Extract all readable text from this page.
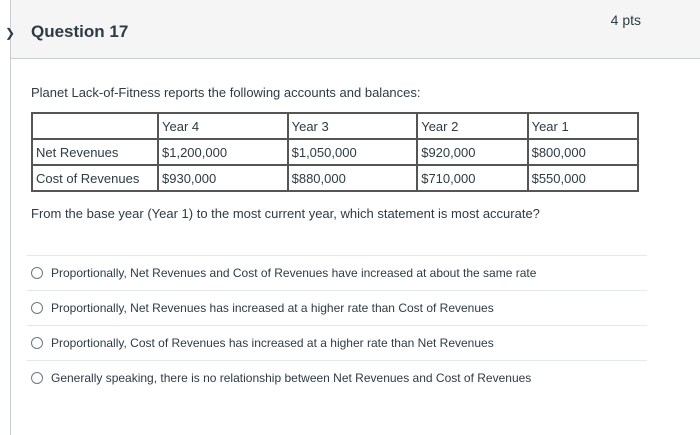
❯ Question 17
4 pts
Planet Lack-of-Fitness reports the following accounts and balances:
	Year 4	Year 3	Year 2	Year 1
Net Revenues	$1,200,000	$1,050,000	$920,000	$800,000
Cost of Revenues	$930,000	$880,000	$710,000	$550,000
From the base year (Year 1) to the most current year, which statement is most accurate?
Proportionally, Net Revenues and Cost of Revenues have increased at about the same rate
Proportionally, Net Revenues has increased at a higher rate than Cost of Revenues
Proportionally, Cost of Revenues has increased at a higher rate than Net Revenues
Generally speaking, there is no relationship between Net Revenues and Cost of Revenues
